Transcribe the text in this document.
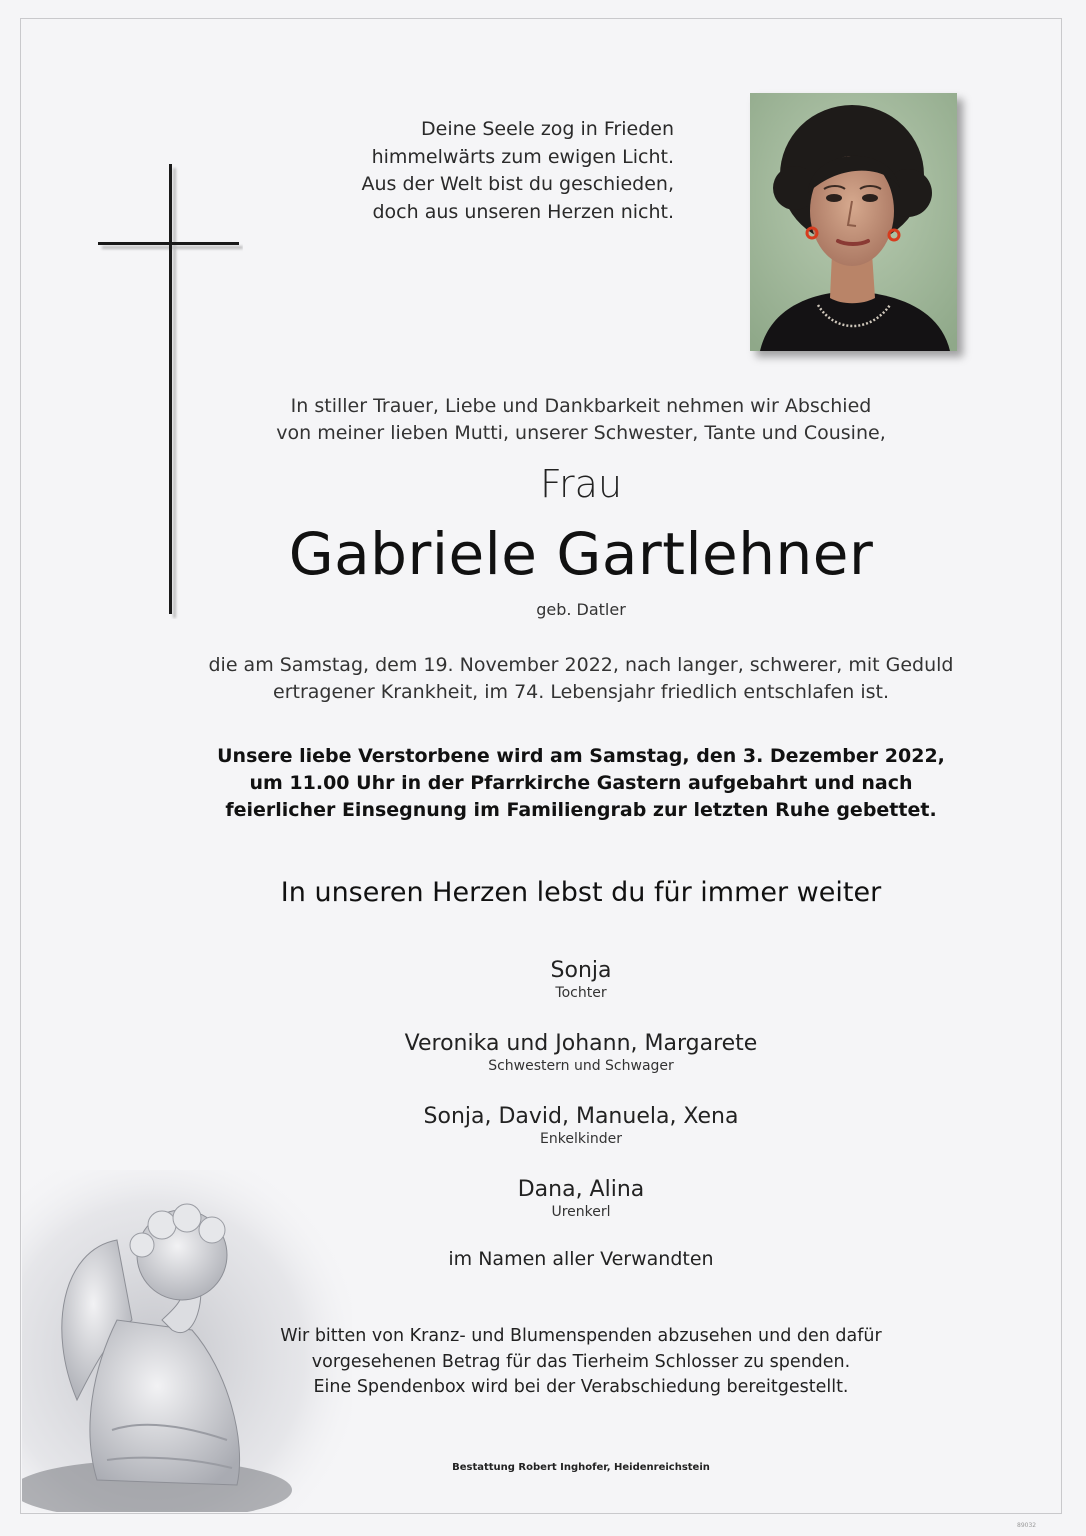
Deine Seele zog in Frieden
himmelwärts zum ewigen Licht.
Aus der Welt bist du geschieden,
doch aus unseren Herzen nicht.
In stiller Trauer, Liebe und Dankbarkeit nehmen wir Abschied
von meiner lieben Mutti, unserer Schwester, Tante und Cousine,
Frau
Gabriele Gartlehner
geb. Datler
die am Samstag, dem 19. November 2022, nach langer, schwerer, mit Geduld
ertragener Krankheit, im 74. Lebensjahr friedlich entschlafen ist.
Unsere liebe Verstorbene wird am Samstag, den 3. Dezember 2022,
um 11.00 Uhr in der Pfarrkirche Gastern aufgebahrt und nach
feierlicher Einsegnung im Familiengrab zur letzten Ruhe gebettet.
In unseren Herzen lebst du für immer weiter
Sonja
Tochter
Veronika und Johann, Margarete
Schwestern und Schwager
Sonja, David, Manuela, Xena
Enkelkinder
Dana, Alina
Urenkerl
im Namen aller Verwandten
Wir bitten von Kranz- und Blumenspenden abzusehen und den dafür
vorgesehenen Betrag für das Tierheim Schlosser zu spenden.
Eine Spendenbox wird bei der Verabschiedung bereitgestellt.
Bestattung Robert Inghofer, Heidenreichstein
89032
